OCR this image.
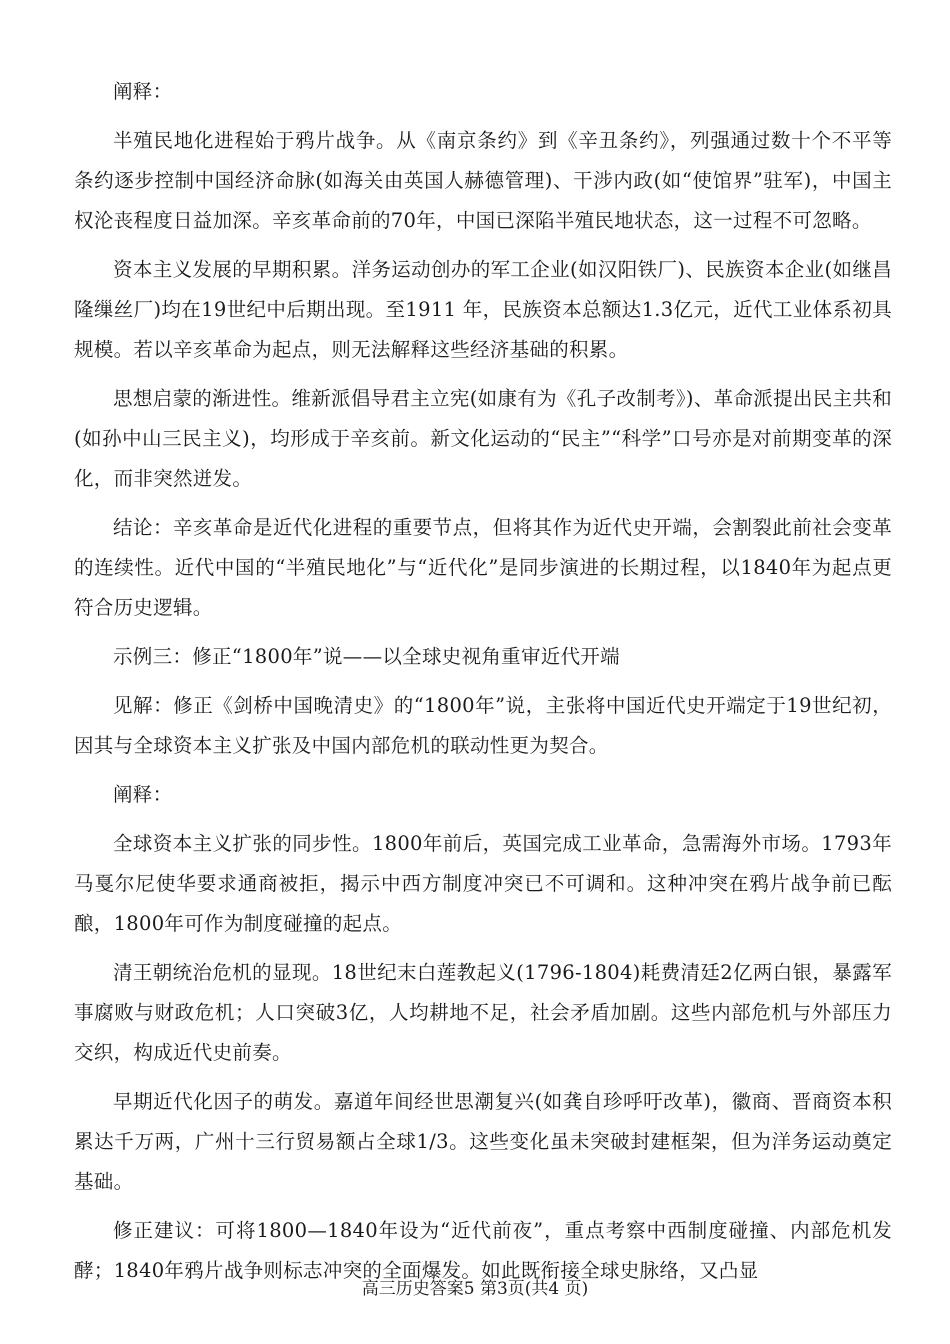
阐释：

半殖民地化进程始于鸦片战争。从《南京条约》到《辛丑条约》，列强通过数十个不平等条约逐步控制中国经济命脉(如海关由英国人赫德管理)、干涉内政(如“使馆界”驻军)，中国主权沦丧程度日益加深。辛亥革命前的70年，中国已深陷半殖民地状态，这一过程不可忽略。

资本主义发展的早期积累。洋务运动创办的军工企业(如汉阳铁厂)、民族资本企业(如继昌隆缫丝厂)均在19世纪中后期出现。至1911 年，民族资本总额达1.3亿元，近代工业体系初具规模。若以辛亥革命为起点，则无法解释这些经济基础的积累。

思想启蒙的渐进性。维新派倡导君主立宪(如康有为《孔子改制考》)、革命派提出民主共和(如孙中山三民主义)，均形成于辛亥前。新文化运动的“民主”“科学”口号亦是对前期变革的深化，而非突然迸发。

结论：辛亥革命是近代化进程的重要节点，但将其作为近代史开端，会割裂此前社会变革的连续性。近代中国的“半殖民地化”与“近代化”是同步演进的长期过程，以1840年为起点更符合历史逻辑。

示例三：修正“1800年”说——以全球史视角重审近代开端

见解：修正《剑桥中国晚清史》的“1800年”说，主张将中国近代史开端定于19世纪初，因其与全球资本主义扩张及中国内部危机的联动性更为契合。

阐释：

全球资本主义扩张的同步性。1800年前后，英国完成工业革命，急需海外市场。1793年马戛尔尼使华要求通商被拒，揭示中西方制度冲突已不可调和。这种冲突在鸦片战争前已酝酿，1800年可作为制度碰撞的起点。

清王朝统治危机的显现。18世纪末白莲教起义(1796-1804)耗费清廷2亿两白银，暴露军事腐败与财政危机；人口突破3亿，人均耕地不足，社会矛盾加剧。这些内部危机与外部压力交织，构成近代史前奏。

早期近代化因子的萌发。嘉道年间经世思潮复兴(如龚自珍呼吁改革)，徽商、晋商资本积累达千万两，广州十三行贸易额占全球1/3。这些变化虽未突破封建框架，但为洋务运动奠定基础。

修正建议：可将1800—1840年设为“近代前夜”，重点考察中西制度碰撞、内部危机发酵；1840年鸦片战争则标志冲突的全面爆发。如此既衔接全球史脉络，又凸显

高三历史答案5 第3页(共4 页)
